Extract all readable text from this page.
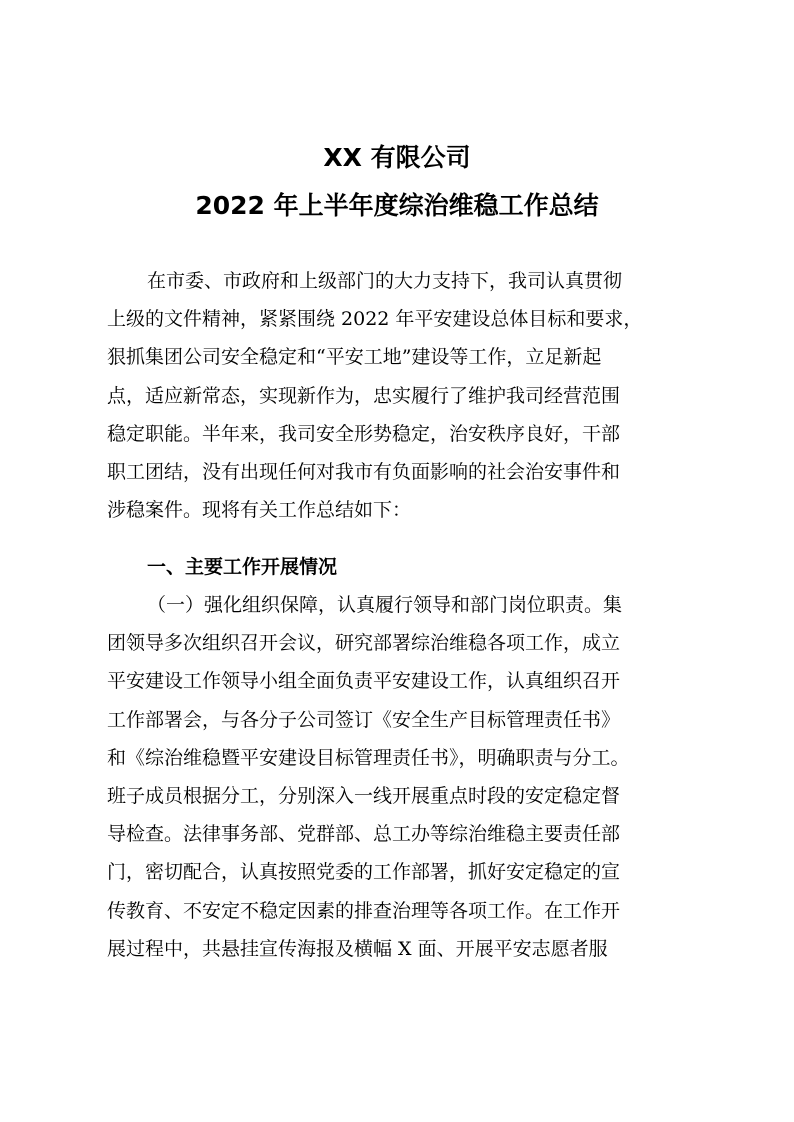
XX 有限公司
2022 年上半年度综治维稳工作总结
在市委、市政府和上级部门的大力支持下，我司认真贯彻
上级的文件精神，紧紧围绕 2022 年平安建设总体目标和要求，
狠抓集团公司安全稳定和“平安工地”建设等工作，立足新起
点，适应新常态，实现新作为，忠实履行了维护我司经营范围
稳定职能。半年来，我司安全形势稳定，治安秩序良好，干部
职工团结，没有出现任何对我市有负面影响的社会治安事件和
涉稳案件。现将有关工作总结如下：
一、主要工作开展情况
（一）强化组织保障，认真履行领导和部门岗位职责。集
团领导多次组织召开会议，研究部署综治维稳各项工作，成立
平安建设工作领导小组全面负责平安建设工作，认真组织召开
工作部署会，与各分子公司签订《安全生产目标管理责任书》
和《综治维稳暨平安建设目标管理责任书》，明确职责与分工。
班子成员根据分工，分别深入一线开展重点时段的安定稳定督
导检查。法律事务部、党群部、总工办等综治维稳主要责任部
门，密切配合，认真按照党委的工作部署，抓好安定稳定的宣
传教育、不安定不稳定因素的排查治理等各项工作。在工作开
展过程中，共悬挂宣传海报及横幅 X 面、开展平安志愿者服
